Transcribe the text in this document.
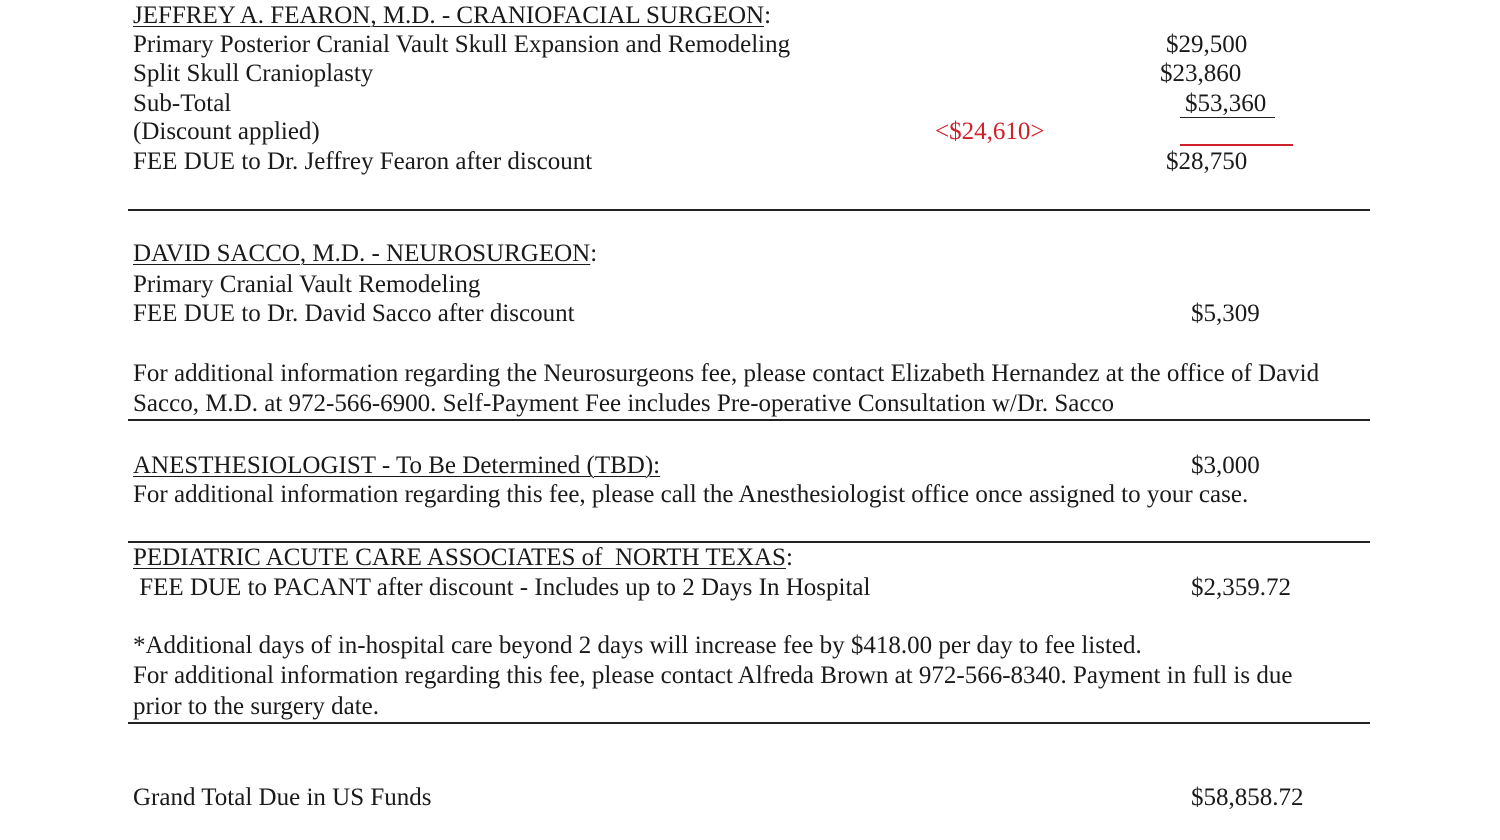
JEFFREY A. FEARON, M.D. - CRANIOFACIAL SURGEON:
Primary Posterior Cranial Vault Skull Expansion and Remodeling	$29,500
Split Skull Cranioplasty	$23,860
Sub-Total	$53,360
(Discount applied)	<$24,610>
FEE DUE to Dr. Jeffrey Fearon after discount	$28,750
DAVID SACCO, M.D. - NEUROSURGEON:
Primary Cranial Vault Remodeling
FEE DUE to Dr. David Sacco after discount	$5,309
For additional information regarding the Neurosurgeons fee, please contact Elizabeth Hernandez at the office of David
Sacco, M.D. at 972-566-6900. Self-Payment Fee includes Pre-operative Consultation w/Dr. Sacco
ANESTHESIOLOGIST - To Be Determined (TBD):	$3,000
For additional information regarding this fee, please call the Anesthesiologist office once assigned to your case.
PEDIATRIC ACUTE CARE ASSOCIATES of  NORTH TEXAS:
FEE DUE to PACANT after discount - Includes up to 2 Days In Hospital	$2,359.72
*Additional days of in-hospital care beyond 2 days will increase fee by $418.00 per day to fee listed.
For additional information regarding this fee, please contact Alfreda Brown at 972-566-8340. Payment in full is due
prior to the surgery date.
Grand Total Due in US Funds	$58,858.72
